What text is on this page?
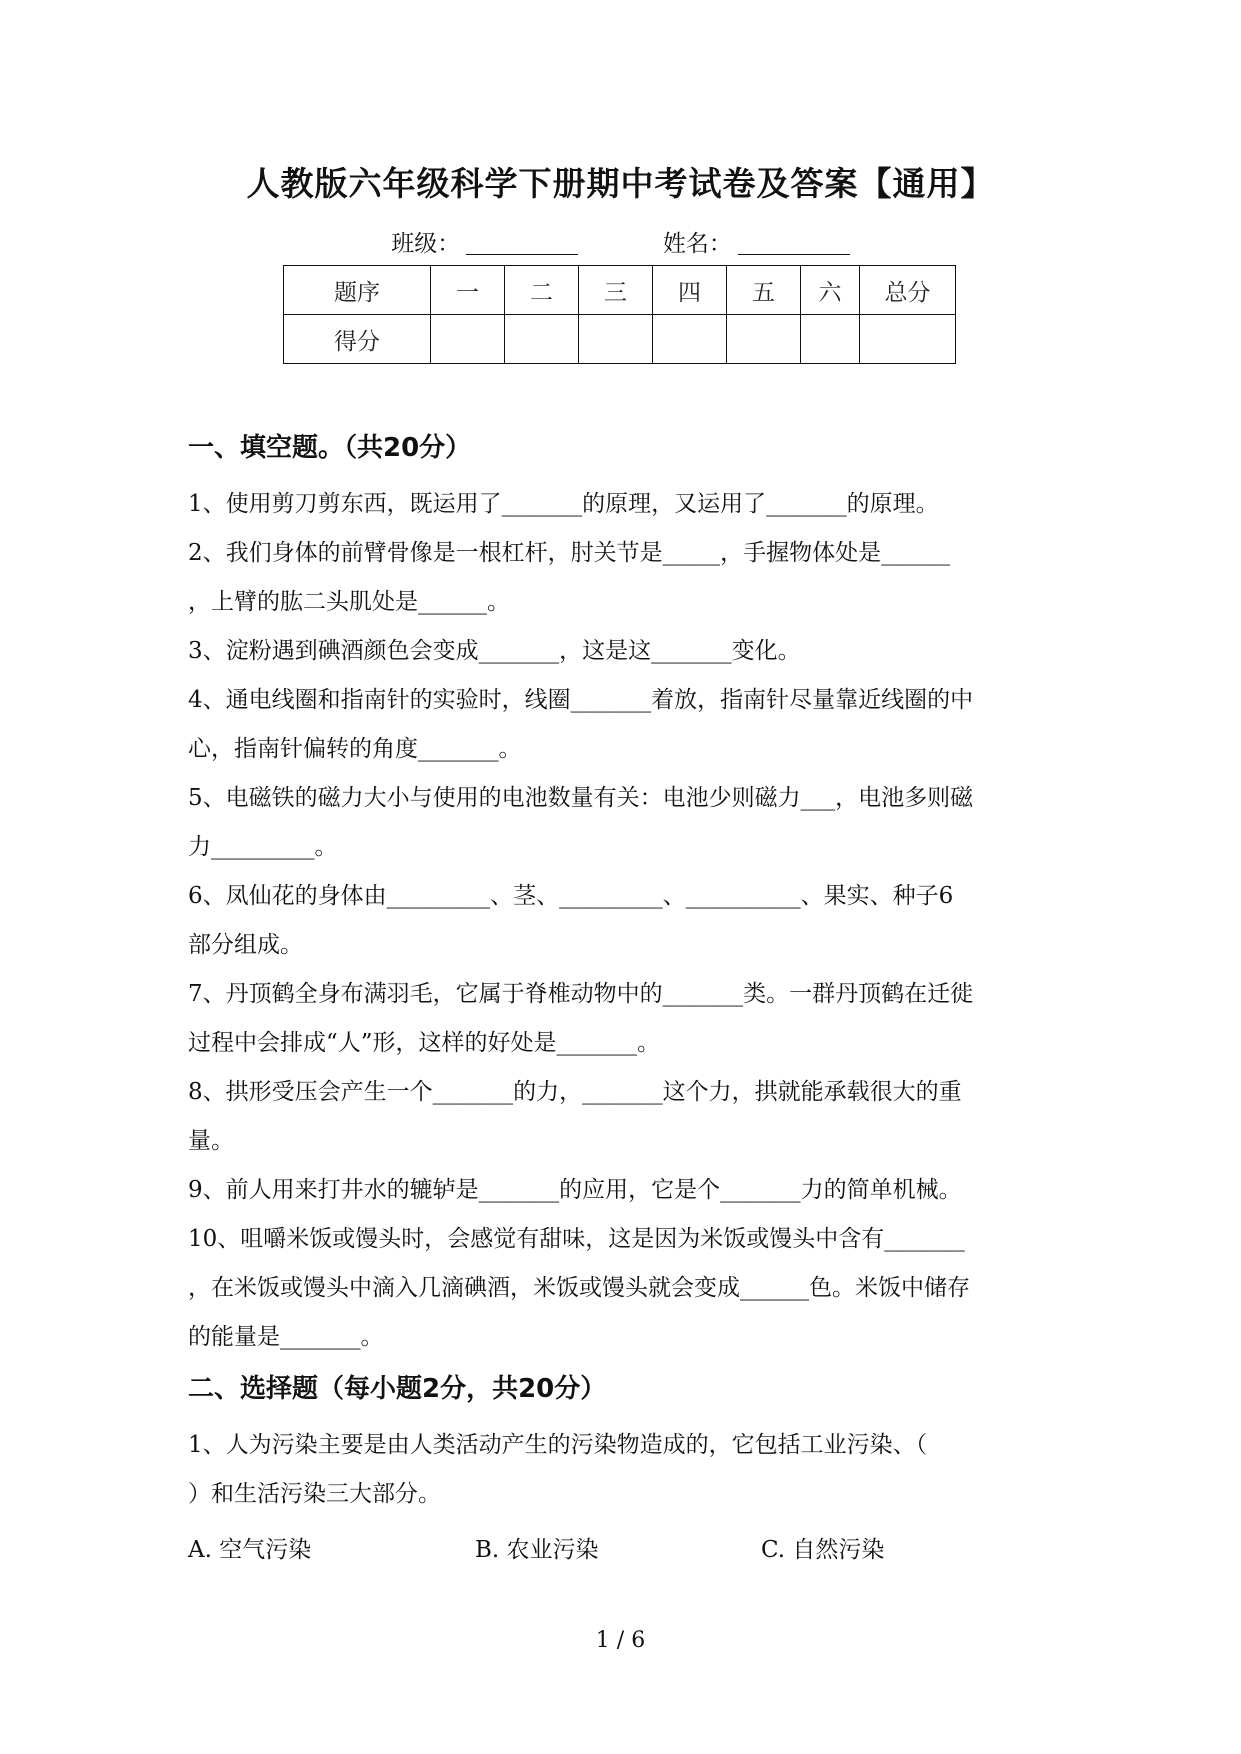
人教版六年级科学下册期中考试卷及答案【通用】
班级：	姓名：
题序	一	二	三	四	五	六	总分
得分							
一、填空题。（共20分）
1、使用剪刀剪东西，既运用了_______的原理，又运用了_______的原理。
2、我们身体的前臂骨像是一根杠杆，肘关节是_____，手握物体处是______
，上臂的肱二头肌处是______。
3、淀粉遇到碘酒颜色会变成_______，这是这_______变化。
4、通电线圈和指南针的实验时，线圈_______着放，指南针尽量靠近线圈的中
心，指南针偏转的角度_______。
5、电磁铁的磁力大小与使用的电池数量有关：电池少则磁力___，电池多则磁
力_________。
6、凤仙花的身体由_________、茎、_________、__________、果实、种子6
部分组成。
7、丹顶鹤全身布满羽毛，它属于脊椎动物中的_______类。一群丹顶鹤在迁徙
过程中会排成“人”形，这样的好处是_______。
8、拱形受压会产生一个_______的力，_______这个力，拱就能承载很大的重
量。
9、前人用来打井水的辘轳是_______的应用，它是个_______力的简单机械。
10、咀嚼米饭或馒头时，会感觉有甜味，这是因为米饭或馒头中含有_______
，在米饭或馒头中滴入几滴碘酒，米饭或馒头就会变成______色。米饭中储存
的能量是_______。
二、选择题（每小题2分，共20分）
1、人为污染主要是由人类活动产生的污染物造成的，它包括工业污染、（
）和生活污染三大部分。
A. 空气污染	B. 农业污染	C. 自然污染
1 / 6
